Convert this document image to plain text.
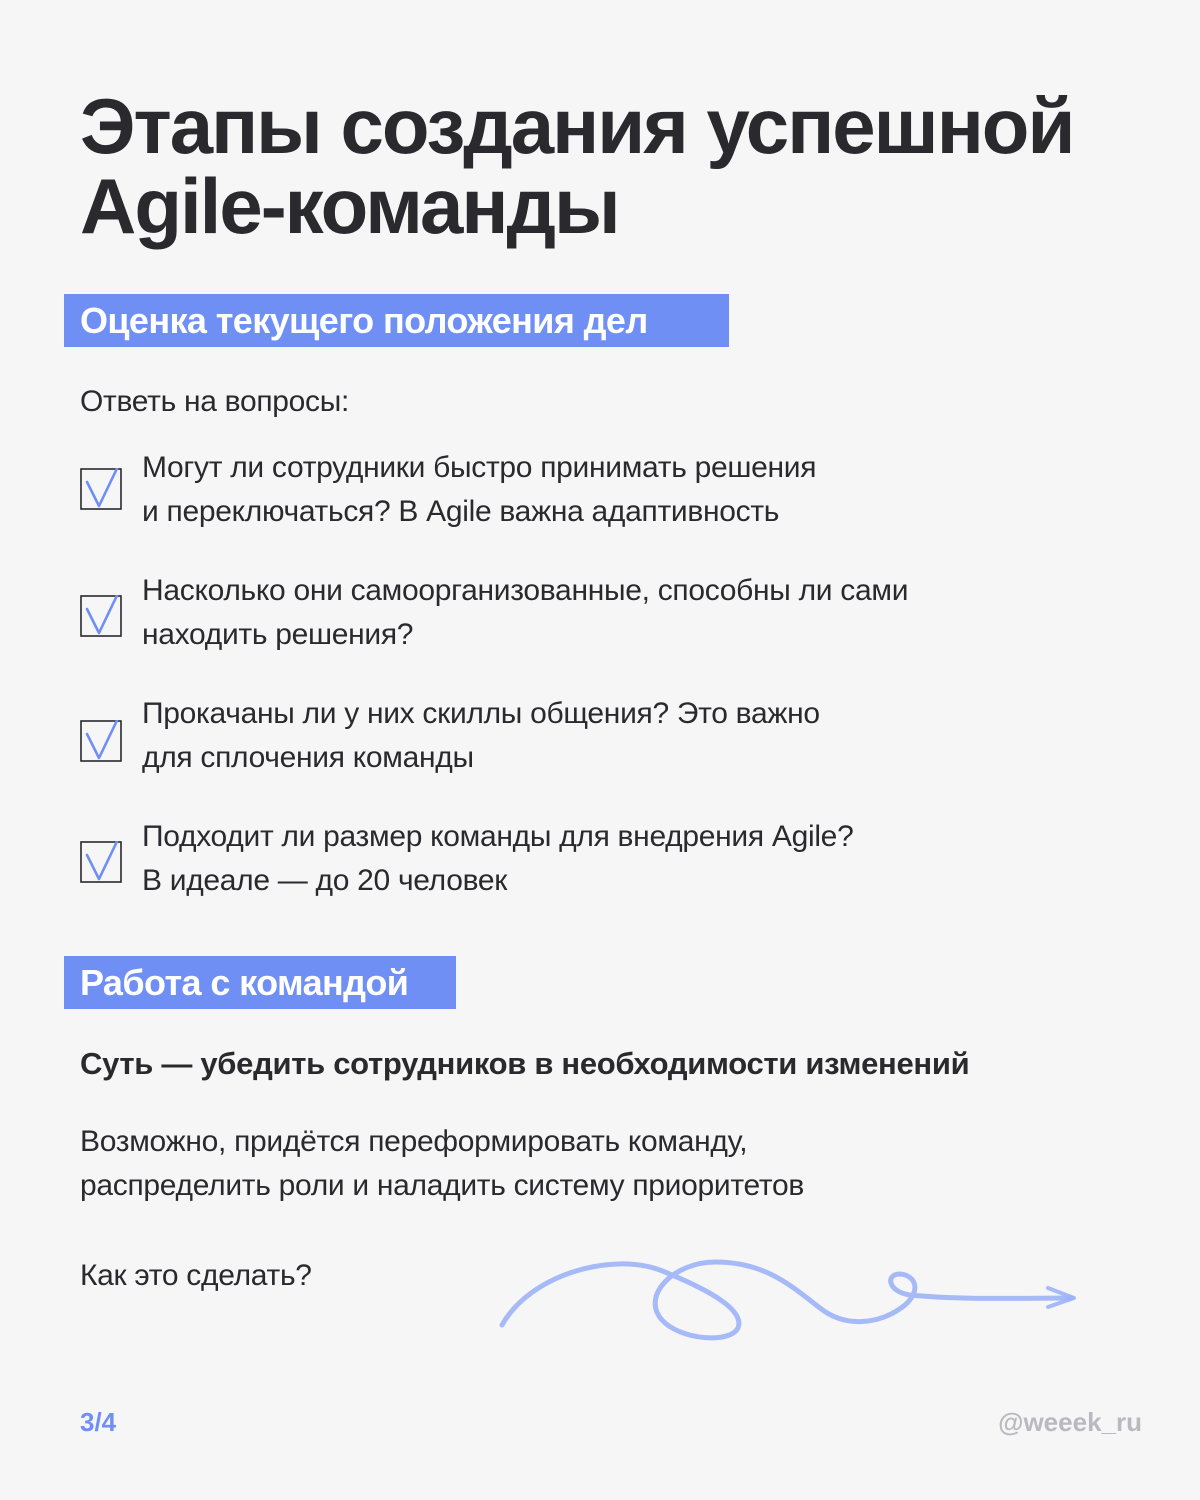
Этапы создания успешной
Agile-команды
Оценка текущего положения дел
Ответь на вопросы:
Могут ли сотрудники быстро принимать решения
и переключаться? В Agile важна адаптивность
Насколько они самоорганизованные, способны ли сами
находить решения?
Прокачаны ли у них скиллы общения? Это важно
для сплочения команды
Подходит ли размер команды для внедрения Agile?
В идеале — до 20 человек
Работа с командой
Суть — убедить сотрудников в необходимости изменений
Возможно, придётся переформировать команду,
распределить роли и наладить систему приоритетов
Как это сделать?
3/4	@weeek_ru
